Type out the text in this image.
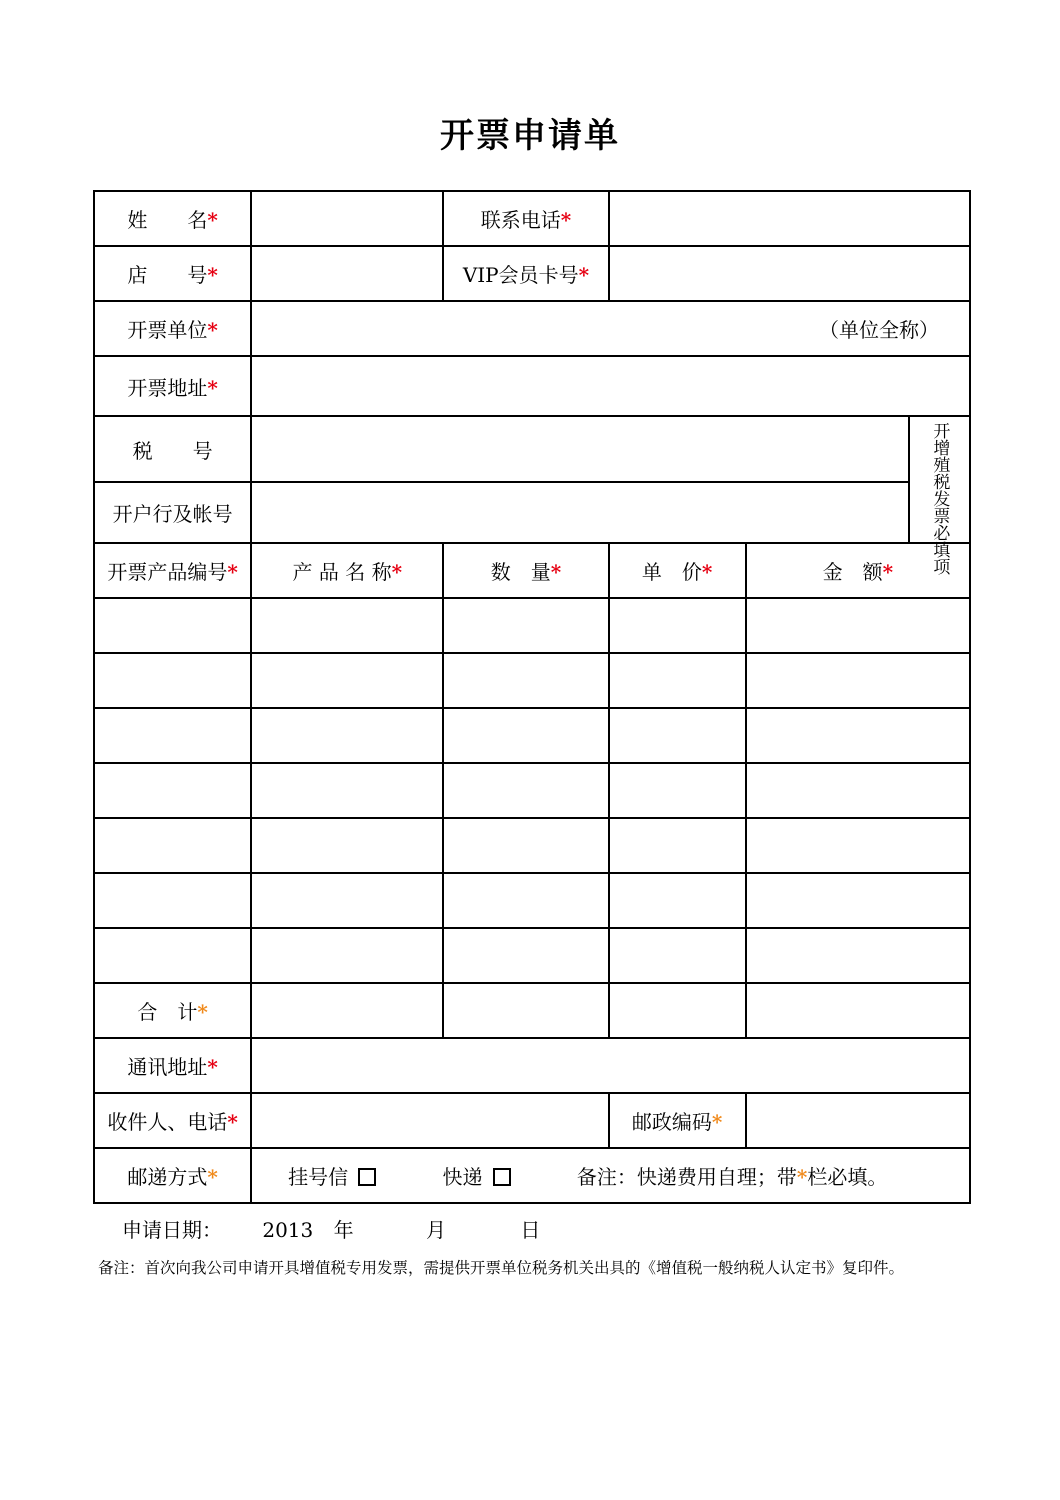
开票申请单
姓　　名*		联系电话*			
店　　号*		VIP会员卡号*			
开票单位*	（单位全称）				
开票地址*					
税　　号					开增殖税发票必填项
开户行及帐号					
开票产品编号*	产 品 名 称*	数　量*	单　价*	金　额*	

合　计*					
通讯地址*					
收件人、电话*			邮政编码*		
邮递方式*	挂号信 快递 备注：快递费用自理；带*栏必填。				
申请日期： 2013 年	月	日
备注：首次向我公司申请开具增值税专用发票，需提供开票单位税务机关出具的《增值税一般纳税人认定书》复印件。
